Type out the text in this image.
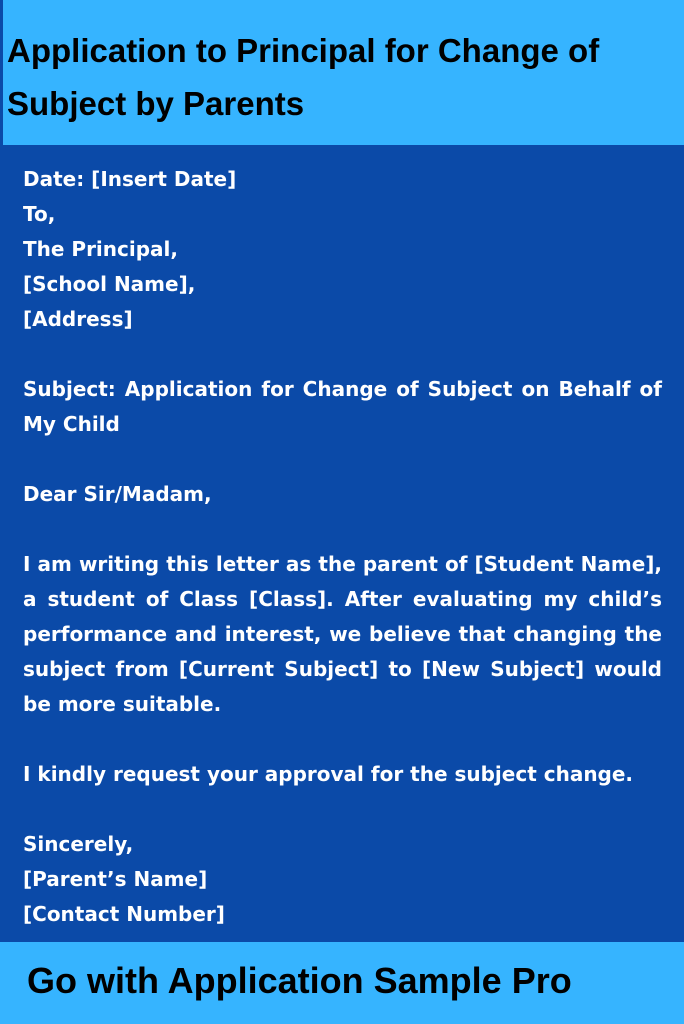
Application to Principal for Change of Subject by Parents
Date: [Insert Date]
To,
The Principal,
[School Name],
[Address]
Subject: Application for Change of Subject on Behalf of My Child
Dear Sir/Madam,
I am writing this letter as the parent of [Student Name], a student of Class [Class]. After evaluating my child’s performance and interest, we believe that changing the subject from [Current Subject] to [New Subject] would be more suitable.
I kindly request your approval for the subject change.
Sincerely,
[Parent’s Name]
[Contact Number]

Go with Application Sample Pro
